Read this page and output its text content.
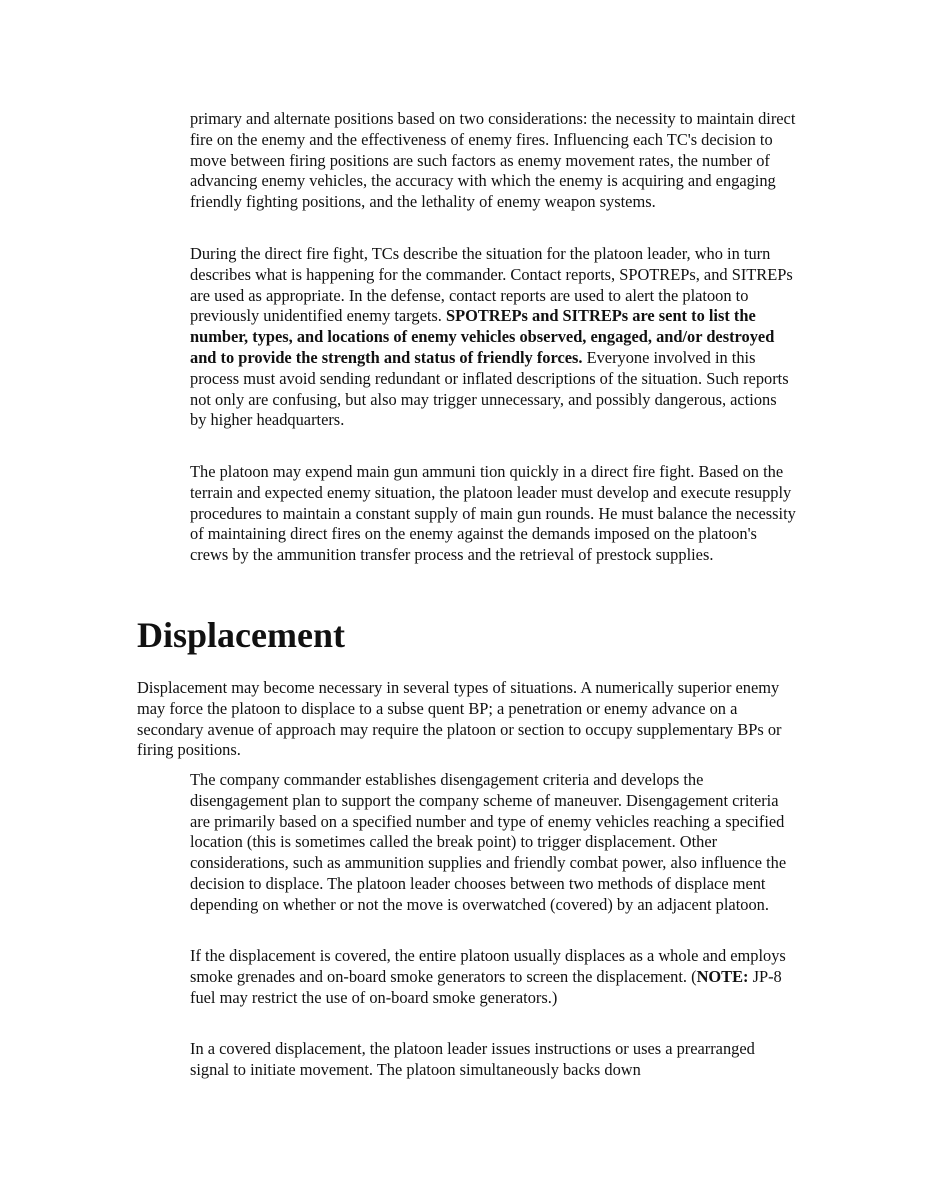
primary and alternate positions based on two considerations: the necessity to maintain direct fire on the enemy and the effectiveness of enemy fires. Influencing each TC's decision to move between firing positions are such factors as enemy movement rates, the number of advancing enemy vehicles, the accuracy with which the enemy is acquiring and engaging friendly fighting positions, and the lethality of enemy weapon systems.

During the direct fire fight, TCs describe the situation for the platoon leader, who in turn describes what is happening for the commander. Contact reports, SPOTREPs, and SITREPs are used as appropriate. In the defense, contact reports are used to alert the platoon to previously unidentified enemy targets. SPOTREPs and SITREPs are sent to list the number, types, and locations of enemy vehicles observed, engaged, and/or destroyed and to provide the strength and status of friendly forces. Everyone involved in this process must avoid sending redundant or inflated descriptions of the situation. Such reports not only are confusing, but also may trigger unnecessary, and possibly dangerous, actions by higher headquarters.

The platoon may expend main gun ammuni tion quickly in a direct fire fight. Based on the terrain and expected enemy situation, the platoon leader must develop and execute resupply procedures to maintain a constant supply of main gun rounds. He must balance the necessity of maintaining direct fires on the enemy against the demands imposed on the platoon's crews by the ammunition transfer process and the retrieval of prestock supplies.

Displacement

Displacement may become necessary in several types of situations. A numerically superior enemy may force the platoon to displace to a subse quent BP; a penetration or enemy advance on a secondary avenue of approach may require the platoon or section to occupy supplementary BPs or firing positions.

The company commander establishes disengagement criteria and develops the disengagement plan to support the company scheme of maneuver. Disengagement criteria are primarily based on a specified number and type of enemy vehicles reaching a specified location (this is sometimes called the break point) to trigger displacement. Other considerations, such as ammunition supplies and friendly combat power, also influence the decision to displace. The platoon leader chooses between two methods of displace ment depending on whether or not the move is overwatched (covered) by an adjacent platoon.

If the displacement is covered, the entire platoon usually displaces as a whole and employs smoke grenades and on-board smoke generators to screen the displacement. (NOTE: JP-8 fuel may restrict the use of on-board smoke generators.)

In a covered displacement, the platoon leader issues instructions or uses a prearranged signal to initiate movement. The platoon simultaneously backs down
